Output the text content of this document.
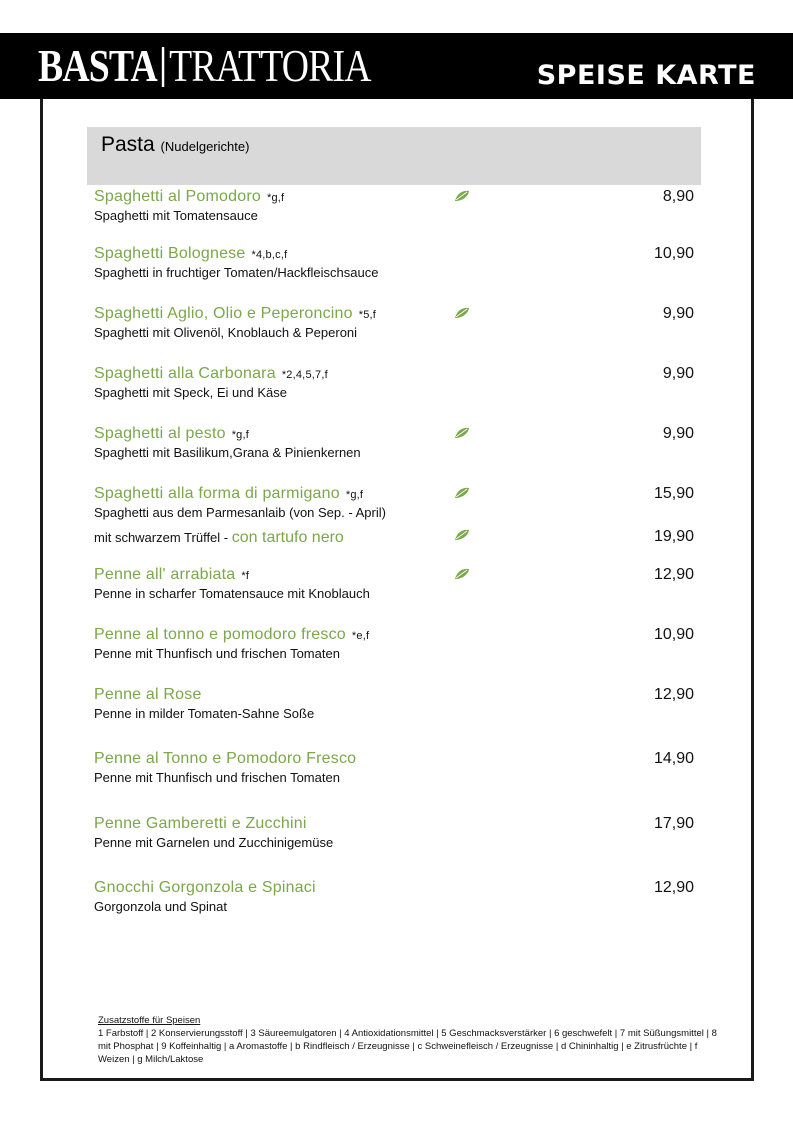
BASTA TRATTORIA	SPEISE KARTE
Pasta (Nudelgerichte)
Spaghetti al Pomodoro *g,f
Spaghetti mit Tomatensauce
8,90
Spaghetti Bolognese *4,b,c,f
Spaghetti in fruchtiger Tomaten/Hackfleischsauce
10,90
Spaghetti Aglio, Olio e Peperoncino *5,f
Spaghetti mit Olivenöl, Knoblauch & Peperoni
9,90
Spaghetti alla Carbonara *2,4,5,7,f
Spaghetti mit Speck, Ei und Käse
9,90
Spaghetti al pesto *g,f
Spaghetti mit Basilikum,Grana & Pinienkernen
9,90
Spaghetti alla forma di parmigano *g,f
Spaghetti aus dem Parmesanlaib (von Sep. - April)
15,90
Penne all' arrabiata *f
Penne in scharfer Tomatensauce mit Knoblauch
12,90
Penne al tonno e pomodoro fresco *e,f
Penne mit Thunfisch und frischen Tomaten
10,90
Penne al Rose
Penne in milder Tomaten-Sahne Soße
12,90
Penne al Tonno e Pomodoro Fresco
Penne mit Thunfisch und frischen Tomaten
14,90
Penne Gamberetti e Zucchini
Penne mit Garnelen und Zucchinigemüse
17,90
Gnocchi Gorgonzola e Spinaci
Gorgonzola und Spinat
12,90
mit schwarzem Trüffel - con tartufo nero	19,90
Zusatzstoffe für Speisen
1 Farbstoff | 2 Konservierungsstoff | 3 Säureemulgatoren | 4 Antioxidationsmittel | 5 Geschmacksverstärker | 6 geschwefelt | 7 mit Süßungsmittel | 8 mit Phosphat | 9 Koffeinhaltig | a Aromastoffe | b Rindfleisch / Erzeugnisse | c Schweinefleisch / Erzeugnisse | d Chininhaltig | e Zitrusfrüchte | f Weizen | g Milch/Laktose
